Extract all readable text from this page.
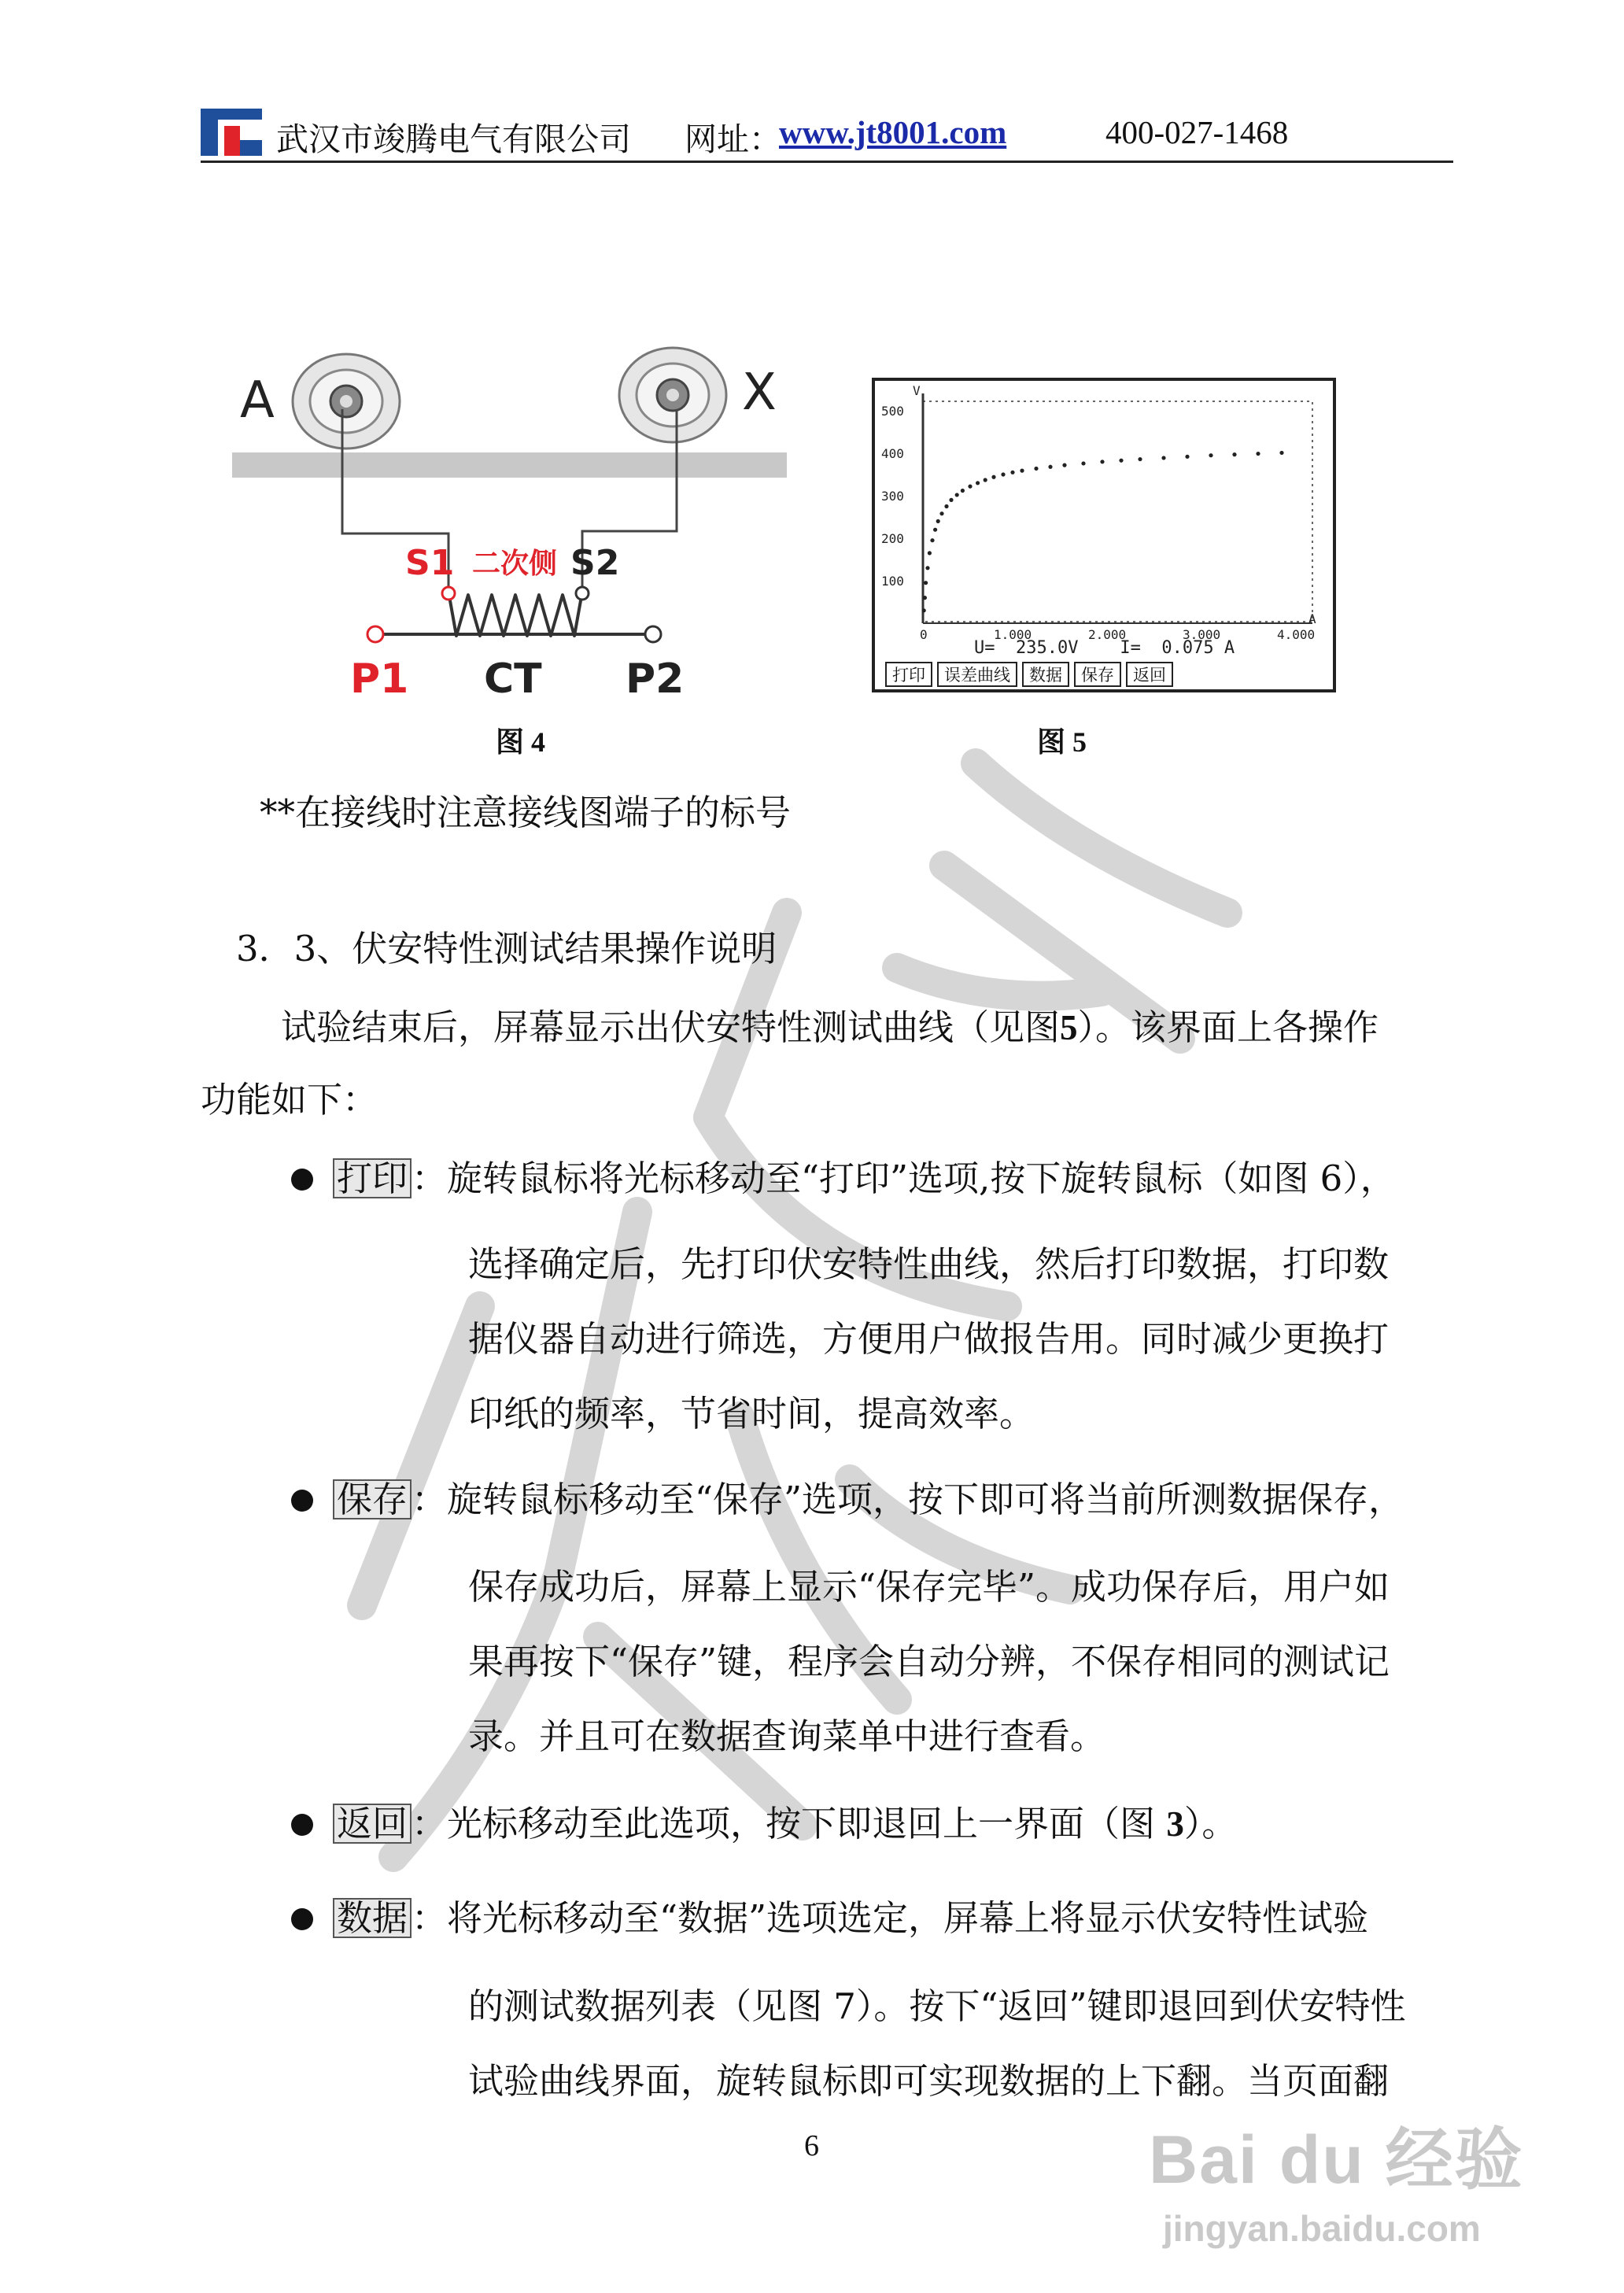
武汉市竣腾电气有限公司 网址：
www.jt8001.com	400-027-1468
A	X
S1 二次侧 S2
P1 CT P2
图 4
V
A
500
400
300
200
100
0	1.000	2.000	3.000	4.000
U=  235.0V    I=  0.075 A
打印 误差曲线 数据 保存 返回
图 5
**在接线时注意接线图端子的标号
3．3、伏安特性测试结果操作说明
试验结束后，屏幕显示出伏安特性测试曲线（见图5）。该界面上各操作
功能如下：
打印 ：旋转鼠标将光标移动至“打印”选项,按下旋转鼠标（如图 6），
选择确定后，先打印伏安特性曲线，然后打印数据，打印数
据仪器自动进行筛选，方便用户做报告用。同时减少更换打
印纸的频率，节省时间，提高效率。
保存 ：旋转鼠标移动至“保存”选项，按下即可将当前所测数据保存，
保存成功后，屏幕上显示“保存完毕”。成功保存后，用户如
果再按下“保存”键，程序会自动分辨，不保存相同的测试记
录。并且可在数据查询菜单中进行查看。
返回 ：光标移动至此选项，按下即退回上一界面（图 3）。
数据 ：将光标移动至“数据”选项选定，屏幕上将显示伏安特性试验
的测试数据列表（见图 7）。按下“返回”键即退回到伏安特性
试验曲线界面，旋转鼠标即可实现数据的上下翻。当页面翻
6	Bai du 经验
jingyan.baidu.com
